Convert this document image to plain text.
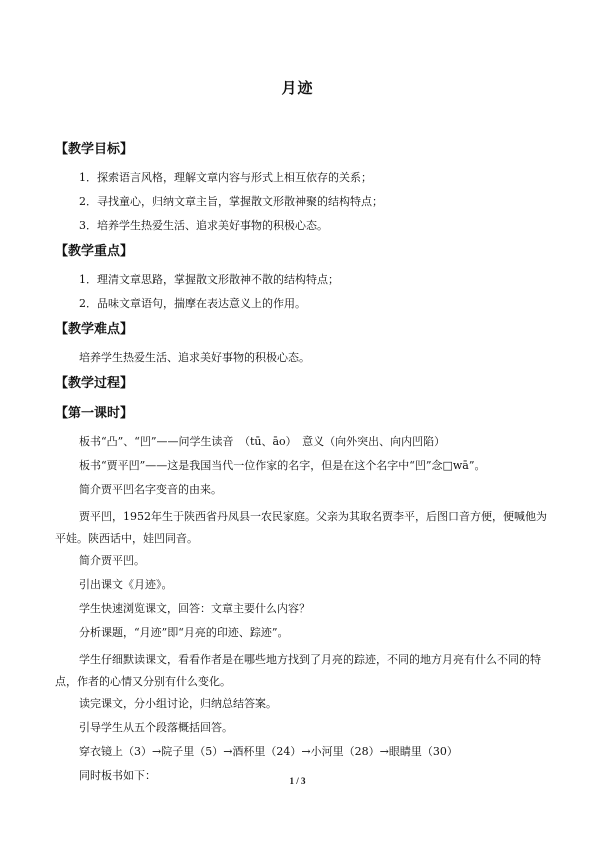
月迹
【教学目标】
1．探索语言风格，理解文章内容与形式上相互依存的关系；
2．寻找童心，归纳文章主旨，掌握散文形散神聚的结构特点；
3．培养学生热爱生活、追求美好事物的积极心态。
【教学重点】
1．理清文章思路，掌握散文形散神不散的结构特点；
2．品味文章语句，揣摩在表达意义上的作用。
【教学难点】
培养学生热爱生活、追求美好事物的积极心态。
【教学过程】
【第一课时】
板书“凸”、“凹”——问学生读音　（tū、āo）　意义（向外突出、向内凹陷）
板书“贾平凹”——这是我国当代一位作家的名字，但是在这个名字中“凹”念□wā”。
简介贾平凹名字变音的由来。
贾平凹，1952年生于陕西省丹凤县一农民家庭。父亲为其取名贾李平，后图口音方便，便喊他为平娃。陕西话中，娃凹同音。
简介贾平凹。
引出课文《月迹》。
学生快速浏览课文，回答：文章主要什么内容？
分析课题，“月迹”即“月亮的印迹、踪迹”。
学生仔细默读课文，看看作者是在哪些地方找到了月亮的踪迹，不同的地方月亮有什么不同的特点，作者的心情又分别有什么变化。
读完课文，分小组讨论，归纳总结答案。
引导学生从五个段落概括回答。
穿衣镜上（3）→院子里（5）→酒杯里（24）→小河里（28）→眼睛里（30）
同时板书如下：	1 / 3
